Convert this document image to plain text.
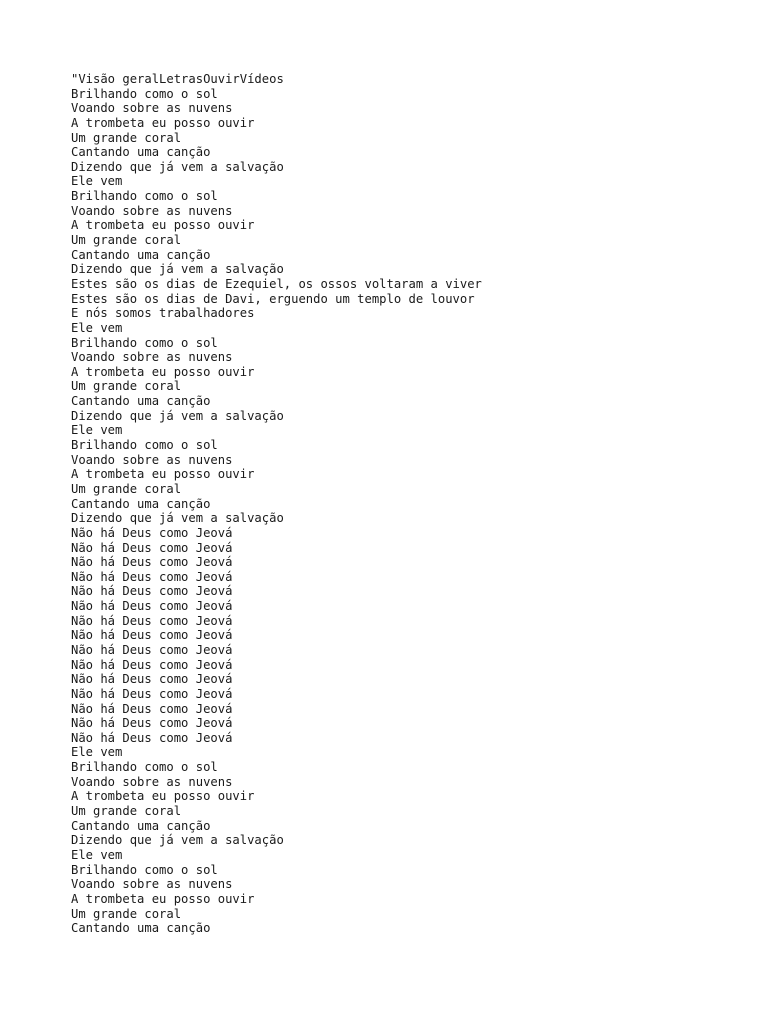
"Visão geralLetrasOuvirVídeos
Brilhando como o sol
Voando sobre as nuvens
A trombeta eu posso ouvir
Um grande coral
Cantando uma canção
Dizendo que já vem a salvação
Ele vem
Brilhando como o sol
Voando sobre as nuvens
A trombeta eu posso ouvir
Um grande coral
Cantando uma canção
Dizendo que já vem a salvação
Estes são os dias de Ezequiel, os ossos voltaram a viver
Estes são os dias de Davi, erguendo um templo de louvor
E nós somos trabalhadores
Ele vem
Brilhando como o sol
Voando sobre as nuvens
A trombeta eu posso ouvir
Um grande coral
Cantando uma canção
Dizendo que já vem a salvação
Ele vem
Brilhando como o sol
Voando sobre as nuvens
A trombeta eu posso ouvir
Um grande coral
Cantando uma canção
Dizendo que já vem a salvação
Não há Deus como Jeová
Não há Deus como Jeová
Não há Deus como Jeová
Não há Deus como Jeová
Não há Deus como Jeová
Não há Deus como Jeová
Não há Deus como Jeová
Não há Deus como Jeová
Não há Deus como Jeová
Não há Deus como Jeová
Não há Deus como Jeová
Não há Deus como Jeová
Não há Deus como Jeová
Não há Deus como Jeová
Não há Deus como Jeová
Ele vem
Brilhando como o sol
Voando sobre as nuvens
A trombeta eu posso ouvir
Um grande coral
Cantando uma canção
Dizendo que já vem a salvação
Ele vem
Brilhando como o sol
Voando sobre as nuvens
A trombeta eu posso ouvir
Um grande coral
Cantando uma canção
